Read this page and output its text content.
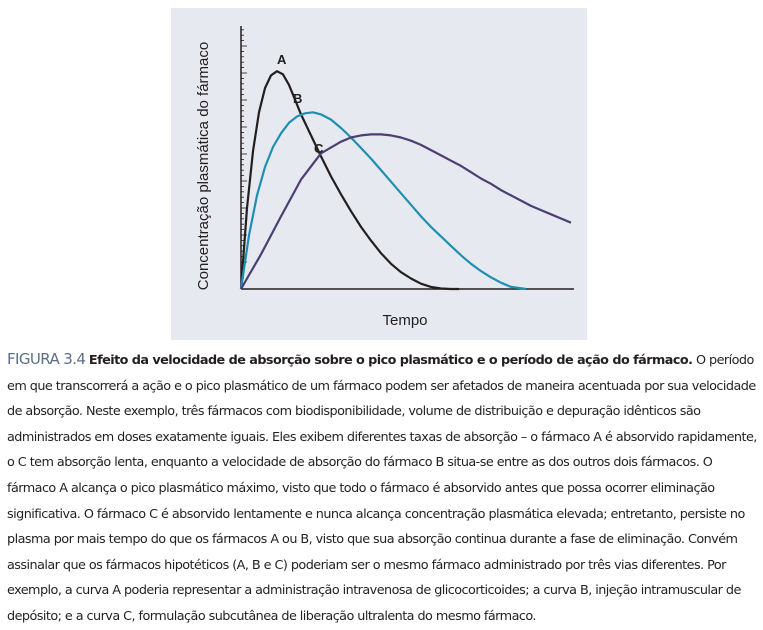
A
B
C
Tempo
Concentração plasmática do fármaco

FIGURA 3.4 Efeito da velocidade de absorção sobre o pico plasmático e o período de ação do fármaco. O período em que transcorrerá a ação e o pico plasmático de um fármaco podem ser afetados de maneira acentuada por sua velocidade de absorção. Neste exemplo, três fármacos com biodisponibilidade, volume de distribuição e depuração idênticos são administrados em doses exatamente iguais. Eles exibem diferentes taxas de absorção – o fármaco A é absorvido rapidamente, o C tem absorção lenta, enquanto a velocidade de absorção do fármaco B situa-se entre as dos outros dois fármacos. O fármaco A alcança o pico plasmático máximo, visto que todo o fármaco é absorvido antes que possa ocorrer eliminação significativa. O fármaco C é absorvido lentamente e nunca alcança concentração plasmática elevada; entretanto, persiste no plasma por mais tempo do que os fármacos A ou B, visto que sua absorção continua durante a fase de eliminação. Convém assinalar que os fármacos hipotéticos (A, B e C) poderiam ser o mesmo fármaco administrado por três vias diferentes. Por exemplo, a curva A poderia representar a administração intravenosa de glicocorticoides; a curva B, injeção intramuscular de depósito; e a curva C, formulação subcutânea de liberação ultralenta do mesmo fármaco.
